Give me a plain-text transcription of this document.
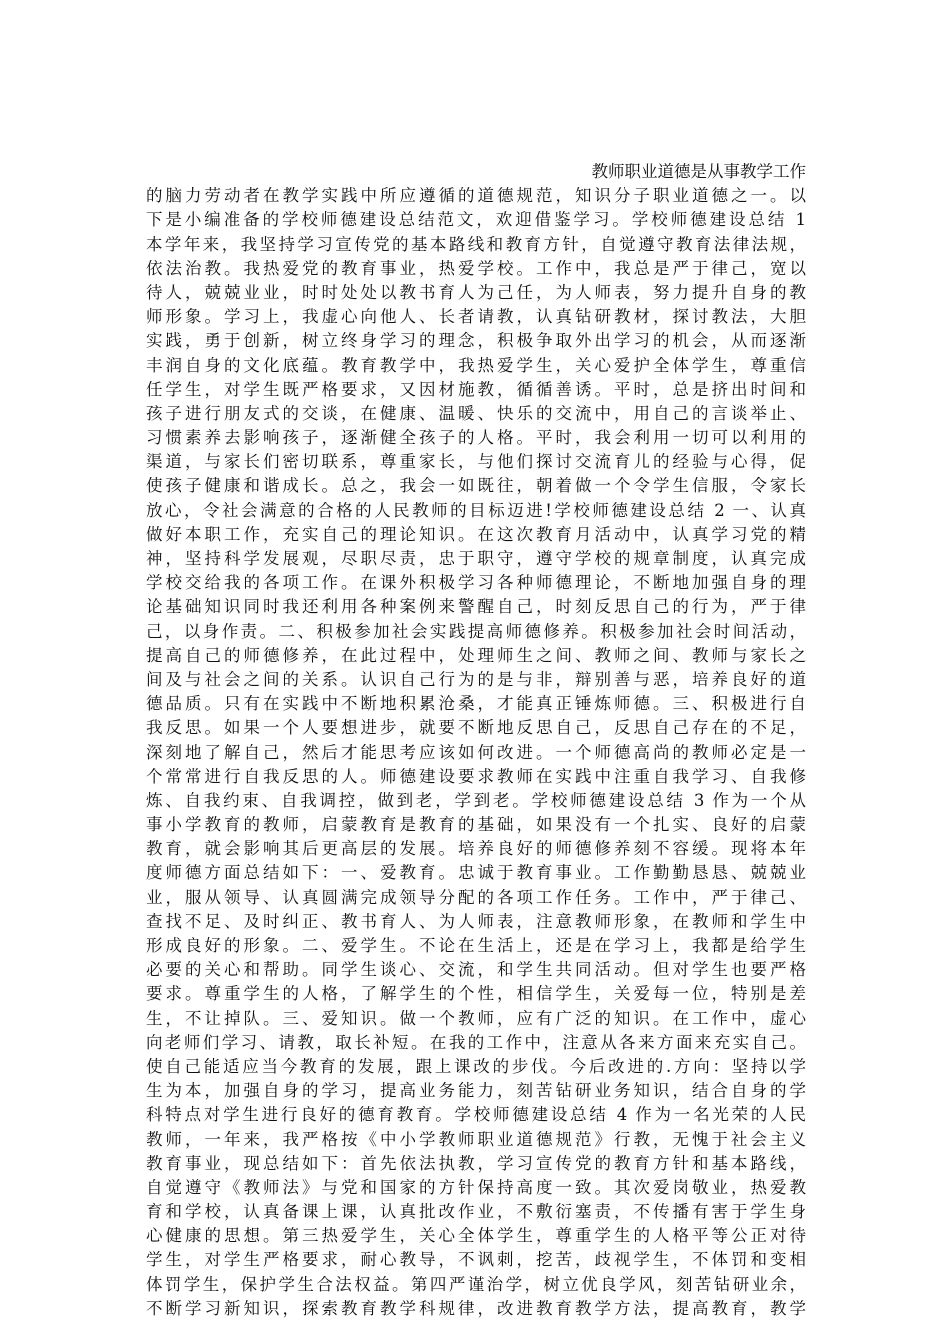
教师职业道德是从事教学工作
的脑力劳动者在教学实践中所应遵循的道德规范，知识分子职业道德之一。以
下是小编准备的学校师德建设总结范文，欢迎借鉴学习。学校师德建设总结 1
本学年来，我坚持学习宣传党的基本路线和教育方针，自觉遵守教育法律法规，
依法治教。我热爱党的教育事业，热爱学校。工作中，我总是严于律己，宽以
待人，兢兢业业，时时处处以教书育人为己任，为人师表，努力提升自身的教
师形象。学习上，我虚心向他人、长者请教，认真钻研教材，探讨教法，大胆
实践，勇于创新，树立终身学习的理念，积极争取外出学习的机会，从而逐渐
丰润自身的文化底蕴。教育教学中，我热爱学生，关心爱护全体学生，尊重信
任学生，对学生既严格要求，又因材施教，循循善诱。平时，总是挤出时间和
孩子进行朋友式的交谈，在健康、温暖、快乐的交流中，用自己的言谈举止、
习惯素养去影响孩子，逐渐健全孩子的人格。平时，我会利用一切可以利用的
渠道，与家长们密切联系，尊重家长，与他们探讨交流育儿的经验与心得，促
使孩子健康和谐成长。总之，我会一如既往，朝着做一个令学生信服，令家长
放心，令社会满意的合格的人民教师的目标迈进!学校师德建设总结 2 一、认真
做好本职工作，充实自己的理论知识。在这次教育月活动中，认真学习党的精
神，坚持科学发展观，尽职尽责，忠于职守，遵守学校的规章制度，认真完成
学校交给我的各项工作。在课外积极学习各种师德理论，不断地加强自身的理
论基础知识同时我还利用各种案例来警醒自己，时刻反思自己的行为，严于律
己，以身作责。二、积极参加社会实践提高师德修养。积极参加社会时间活动，
提高自己的师德修养，在此过程中，处理师生之间、教师之间、教师与家长之
间及与社会之间的关系。认识自己行为的是与非，辩别善与恶，培养良好的道
德品质。只有在实践中不断地积累沧桑，才能真正锤炼师德。三、积极进行自
我反思。如果一个人要想进步，就要不断地反思自己，反思自己存在的不足，
深刻地了解自己，然后才能思考应该如何改进。一个师德高尚的教师必定是一
个常常进行自我反思的人。师德建设要求教师在实践中注重自我学习、自我修
炼、自我约束、自我调控，做到老，学到老。学校师德建设总结 3 作为一个从
事小学教育的教师，启蒙教育是教育的基础，如果没有一个扎实、良好的启蒙
教育，就会影响其后更高层的发展。培养良好的师德修养刻不容缓。现将本年
度师德方面总结如下：一、爱教育。忠诚于教育事业。工作勤勤恳恳、兢兢业
业，服从领导、认真圆满完成领导分配的各项工作任务。工作中，严于律己、
查找不足、及时纠正、教书育人、为人师表，注意教师形象，在教师和学生中
形成良好的形象。二、爱学生。不论在生活上，还是在学习上，我都是给学生
必要的关心和帮助。同学生谈心、交流，和学生共同活动。但对学生也要严格
要求。尊重学生的人格，了解学生的个性，相信学生，关爱每一位，特别是差
生，不让掉队。三、爱知识。做一个教师，应有广泛的知识。在工作中，虚心
向老师们学习、请教，取长补短。在我的工作中，注意从各来方面来充实自己。
使自己能适应当今教育的发展，跟上课改的步伐。今后改进的.方向：坚持以学
生为本，加强自身的学习，提高业务能力，刻苦钻研业务知识，结合自身的学
科特点对学生进行良好的德育教育。学校师德建设总结 4 作为一名光荣的人民
教师，一年来，我严格按《中小学教师职业道德规范》行教，无愧于社会主义
教育事业，现总结如下：首先依法执教，学习宣传党的教育方针和基本路线，
自觉遵守《教师法》与党和国家的方针保持高度一致。其次爱岗敬业，热爱教
育和学校，认真备课上课，认真批改作业，不敷衍塞责，不传播有害于学生身
心健康的思想。第三热爱学生，关心全体学生，尊重学生的人格平等公正对待
学生，对学生严格要求，耐心教导，不讽刺，挖苦，歧视学生，不体罚和变相
体罚学生，保护学生合法权益。第四严谨治学，树立优良学风，刻苦钻研业余，
不断学习新知识，探索教育教学科规律，改进教育教学方法，提高教育，教学
